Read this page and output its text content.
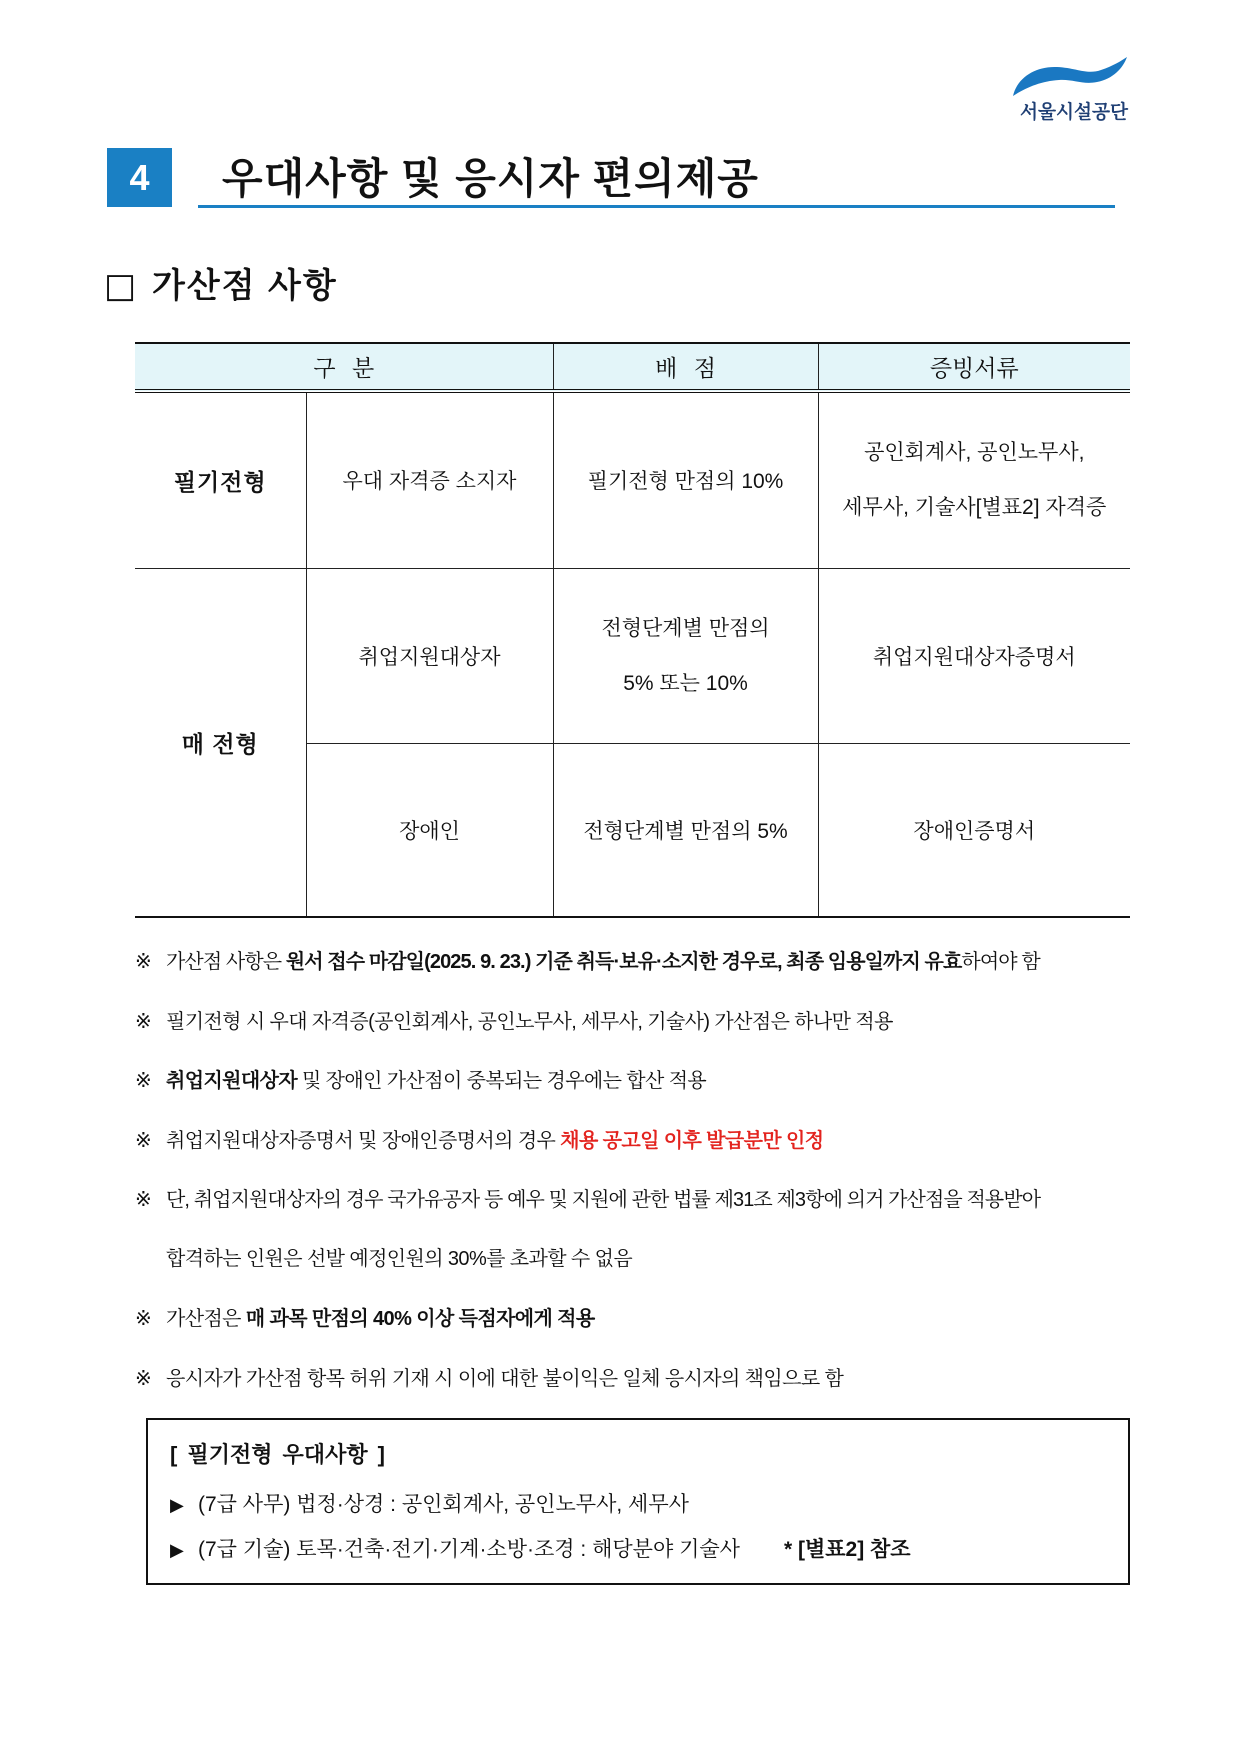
서울시설공단
4 우대사항 및 응시자 편의제공
□ 가산점 사항
구 분		배 점	증빙서류
필기전형	우대 자격증 소지자	필기전형 만점의 10%	공인회계사, 공인노무사,
세무사, 기술사[별표2] 자격증

매 전형	취업지원대상자	전형단계별 만점의
5% 또는 10%	취업지원대상자증명서
	장애인	전형단계별 만점의 5%	장애인증명서
※ 가산점 사항은 원서 접수 마감일(2025. 9. 23.) 기준 취득·보유·소지한 경우로, 최종 임용일까지 유효하여야 함
※ 필기전형 시 우대 자격증(공인회계사, 공인노무사, 세무사, 기술사) 가산점은 하나만 적용
※ 취업지원대상자 및 장애인 가산점이 중복되는 경우에는 합산 적용
※ 취업지원대상자증명서 및 장애인증명서의 경우 채용 공고일 이후 발급분만 인정
※ 단, 취업지원대상자의 경우 국가유공자 등 예우 및 지원에 관한 법률 제31조 제3항에 의거 가산점을 적용받아
합격하는 인원은 선발 예정인원의 30%를 초과할 수 없음
※ 가산점은 매 과목 만점의 40% 이상 득점자에게 적용
※ 응시자가 가산점 항목 허위 기재 시 이에 대한 불이익은 일체 응시자의 책임으로 함
[ 필기전형 우대사항 ]
▶ (7급 사무) 법정·상경 : 공인회계사, 공인노무사, 세무사
▶ (7급 기술) 토목·건축·전기·기계·소방·조경 : 해당분야 기술사 * [별표2] 참조
